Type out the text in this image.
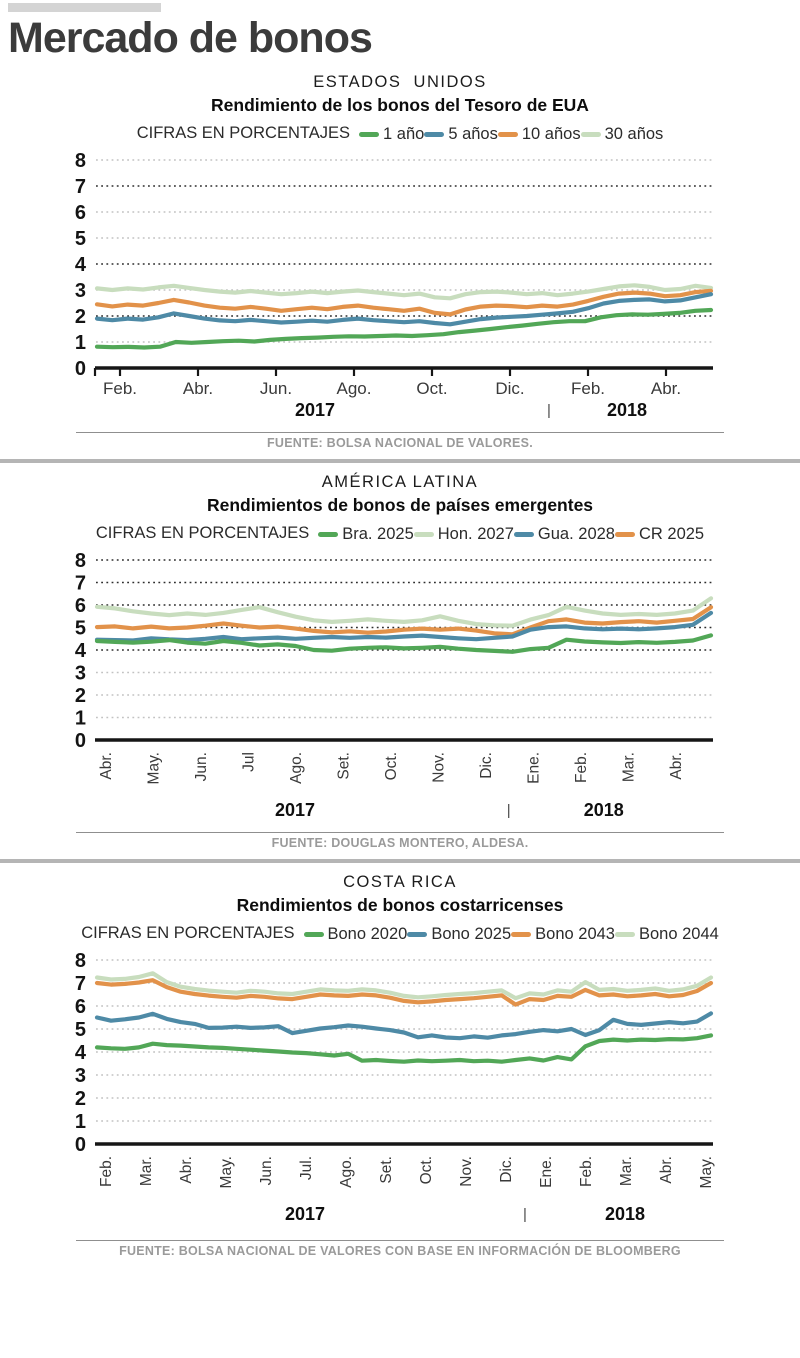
Mercado de bonos
ESTADOS  UNIDOS
Rendimiento de los bonos del Tesoro de EUA
CIFRAS EN PORCENTAJES 1 año 5 años 10 años 30 años
0
1
2
3
4
5
6
7
8
Feb.	Abr.	Jun.	Ago.	Oct.	Dic.	Feb.	Abr.
2017	2018
|

FUENTE: BOLSA NACIONAL DE VALORES.

AMÉRICA LATINA
Rendimientos de bonos de países emergentes
CIFRAS EN PORCENTAJES Bra. 2025 Hon. 2027 Gua. 2028 CR 2025
0
1
2
3
4
5
6
7
8
Abr. May. Jun. Jul Ago. Set. Oct. Nov. Dic. Ene. Feb. Mar. Abr.
2017	2018
|

FUENTE: DOUGLAS MONTERO, ALDESA.

COSTA RICA
Rendimientos de bonos costarricenses
CIFRAS EN PORCENTAJES Bono 2020 Bono 2025 Bono 2043 Bono 2044
0
1
2
3
4
5
6
7
8
Feb. Mar. Abr. May. Jun. Jul. Ago. Set. Oct. Nov. Dic. Ene. Feb. Mar. Abr. May.
2017	2018
|

FUENTE: BOLSA NACIONAL DE VALORES CON BASE EN INFORMACIÓN DE BLOOMBERG
